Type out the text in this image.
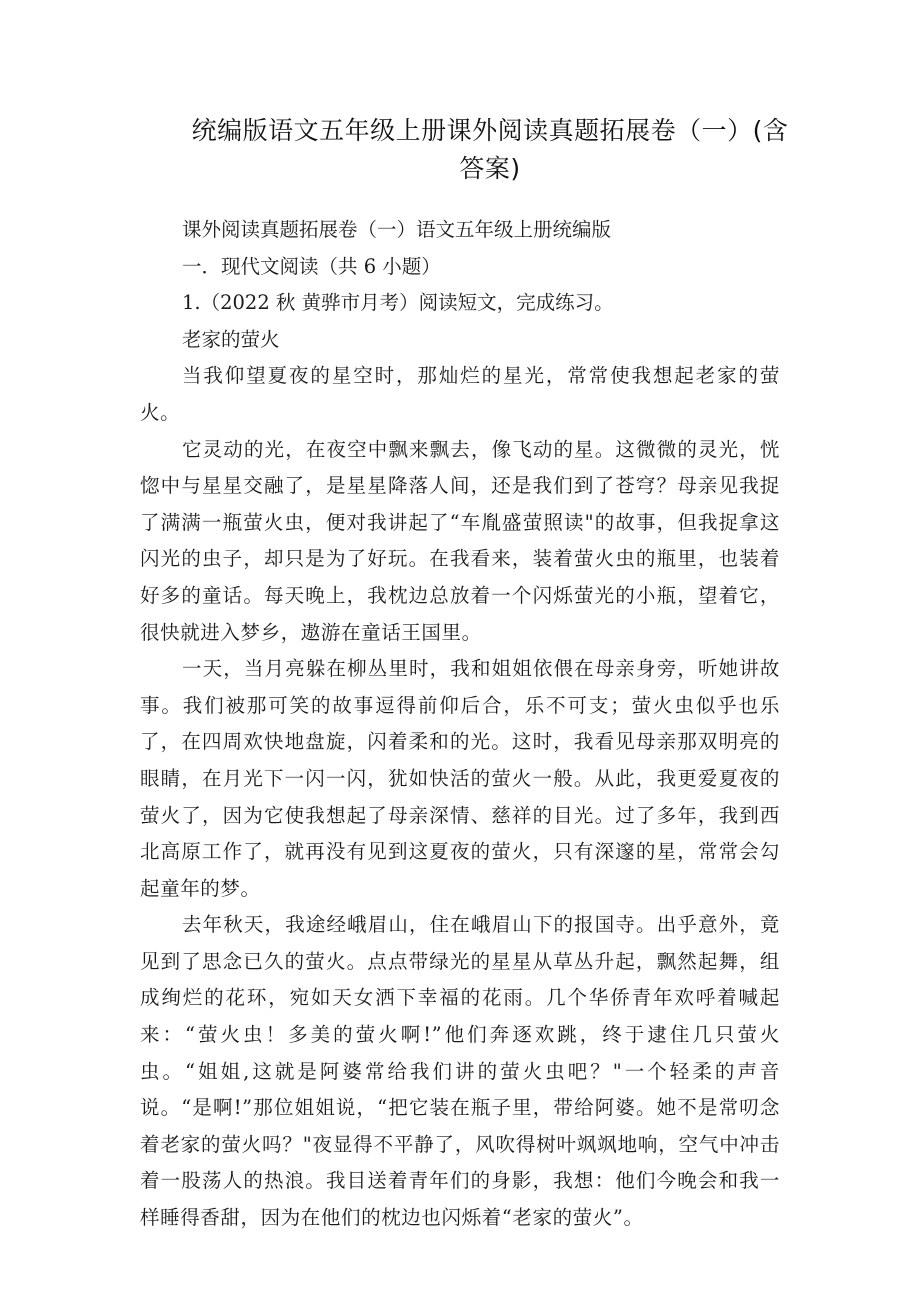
统编版语文五年级上册课外阅读真题拓展卷（一）(含答案)

课外阅读真题拓展卷（一）语文五年级上册统编版

一．现代文阅读（共 6 小题）

1.（2022 秋 黄骅市月考）阅读短文，完成练习。

老家的萤火

当我仰望夏夜的星空时，那灿烂的星光，常常使我想起老家的萤火。

它灵动的光，在夜空中飘来飘去，像飞动的星。这微微的灵光，恍惚中与星星交融了，是星星降落人间，还是我们到了苍穹？母亲见我捉了满满一瓶萤火虫，便对我讲起了“车胤盛萤照读"的故事，但我捉拿这闪光的虫子，却只是为了好玩。在我看来，装着萤火虫的瓶里，也装着好多的童话。每天晚上，我枕边总放着一个闪烁萤光的小瓶，望着它，很快就进入梦乡，遨游在童话王国里。

一天，当月亮躲在柳丛里时，我和姐姐依偎在母亲身旁，听她讲故事。我们被那可笑的故事逗得前仰后合，乐不可支；萤火虫似乎也乐了，在四周欢快地盘旋，闪着柔和的光。这时，我看见母亲那双明亮的眼睛，在月光下一闪一闪，犹如快活的萤火一般。从此，我更爱夏夜的萤火了，因为它使我想起了母亲深情、慈祥的目光。过了多年，我到西北高原工作了，就再没有见到这夏夜的萤火，只有深邃的星，常常会勾起童年的梦。

去年秋天，我途经峨眉山，住在峨眉山下的报国寺。出乎意外，竟见到了思念已久的萤火。点点带绿光的星星从草丛升起，飘然起舞，组成绚烂的花环，宛如天女洒下幸福的花雨。几个华侨青年欢呼着喊起来：“萤火虫！多美的萤火啊!”他们奔逐欢跳，终于逮住几只萤火虫。“姐姐,这就是阿婆常给我们讲的萤火虫吧？"一个轻柔的声音说。“是啊!”那位姐姐说，“把它装在瓶子里，带给阿婆。她不是常叨念着老家的萤火吗？"夜显得不平静了，风吹得树叶飒飒地响，空气中冲击着一股荡人的热浪。我目送着青年们的身影，我想：他们今晚会和我一样睡得香甜，因为在他们的枕边也闪烁着“老家的萤火”。
